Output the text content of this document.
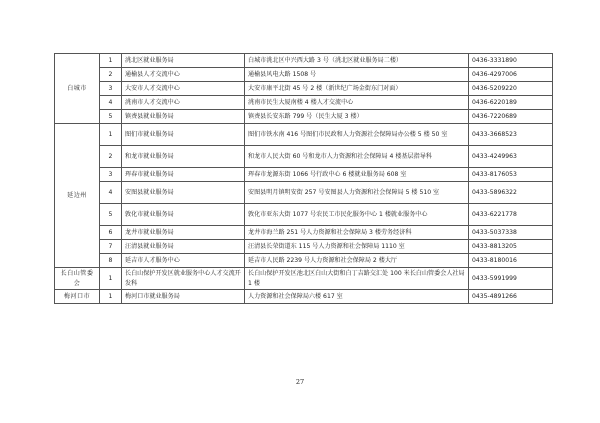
白城市	1	洮北区就业服务局	白城市洮北区中兴西大路 3 号（洮北区就业服务局二楼）	0436-3331890
	2	通榆县人才交流中心	通榆县风电大路 1508 号	0436-4297006
	3	大安市人才交流中心	大安市康平北街 45 号 2 楼（新世纪广场金街东门对面）	0436-5209220
	4	洮南市人才交流中心	洮南市民生大厦南楼 4 楼人才交流中心	0436-6220189
	5	镇赉县就业服务局	镇赉县长安东路 799 号（民生大厦 3 楼）	0436-7220689
延边州	1	图们市就业服务局	图们市铁水南 416 号图们市民政和人力资源社会保障局办公楼 5 楼 50 室	0433-3668523
	2	和龙市就业服务局	和龙市人民大街 60 号和龙市人力资源和社会保障局 4 楼基层指导科	0433-4249963
	3	珲春市就业服务局	珲春市龙源东街 1066 号行政中心 6 楼就业服务局 608 室	0433-8176053
	4	安图县就业服务局	安图县明月镇明安街 257 号安图县人力资源和社会保障局 5 楼 510 室	0433-5896322
	5	敦化市就业服务局	敦化市亚东大街 1077 号农民工市民化服务中心 1 楼就业服务中心	0433-6221778
	6	龙井市就业服务局	龙井市海兰路 251 号人力资源和社会保障局 3 楼劳务经济科	0433-5037338
	7	汪清县就业服务局	汪清县长荣街道东 115 号人力资源和社会保障局 1110 室	0433-8813205
	8	延吉市人才服务中心	延吉市人民路 2239 号人力资源和社会保障局 2 楼大厅	0433-8180016
长白山管委会	1	长白山保护开发区就业服务中心人才交流开发科	长白山保护开发区池北区白山大街和白丁吉路交汇处 100 米长白山管委会人社局 1 楼	0433-5991999
梅河口市	1	梅河口市就业服务局	人力资源和社会保障局六楼 617 室	0435-4891266
27
